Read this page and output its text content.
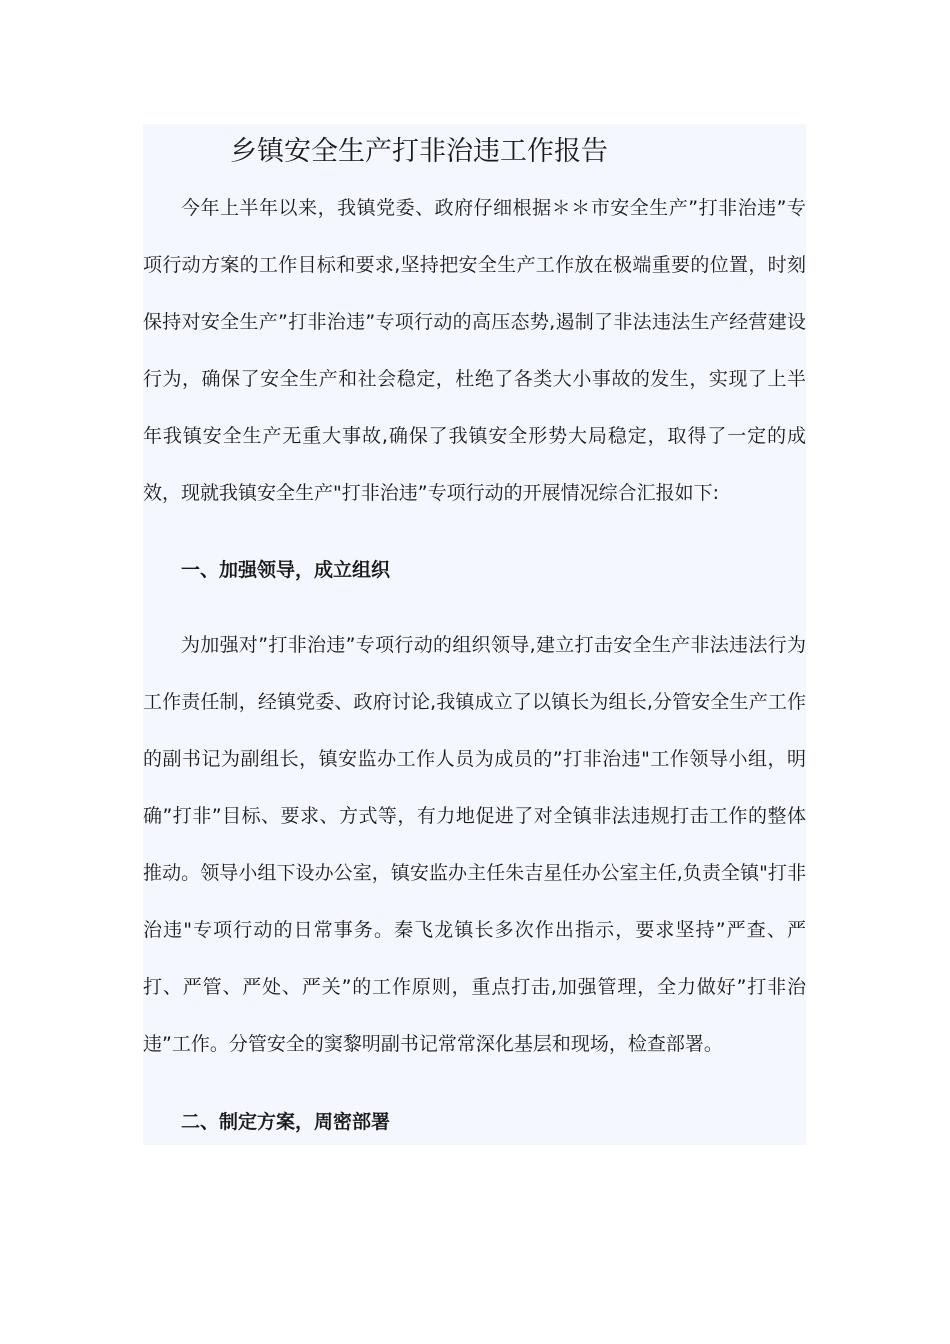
乡镇安全生产打非治违工作报告

今年上半年以来，我镇党委、政府仔细根据＊＊市安全生产”打非治违”专项行动方案的工作目标和要求,坚持把安全生产工作放在极端重要的位置，时刻保持对安全生产”打非治违”专项行动的高压态势,遏制了非法违法生产经营建设行为，确保了安全生产和社会稳定，杜绝了各类大小事故的发生，实现了上半年我镇安全生产无重大事故,确保了我镇安全形势大局稳定，取得了一定的成效，现就我镇安全生产"打非治违”专项行动的开展情况综合汇报如下:

一、加强领导，成立组织

为加强对”打非治违”专项行动的组织领导,建立打击安全生产非法违法行为工作责任制，经镇党委、政府讨论,我镇成立了以镇长为组长,分管安全生产工作的副书记为副组长，镇安监办工作人员为成员的”打非治违"工作领导小组，明确”打非”目标、要求、方式等，有力地促进了对全镇非法违规打击工作的整体推动。领导小组下设办公室，镇安监办主任朱吉星任办公室主任,负责全镇"打非治违"专项行动的日常事务。秦飞龙镇长多次作出指示，要求坚持”严查、严打、严管、严处、严关”的工作原则，重点打击,加强管理，全力做好”打非治违”工作。分管安全的窦黎明副书记常常深化基层和现场，检查部署。

二、制定方案，周密部署
